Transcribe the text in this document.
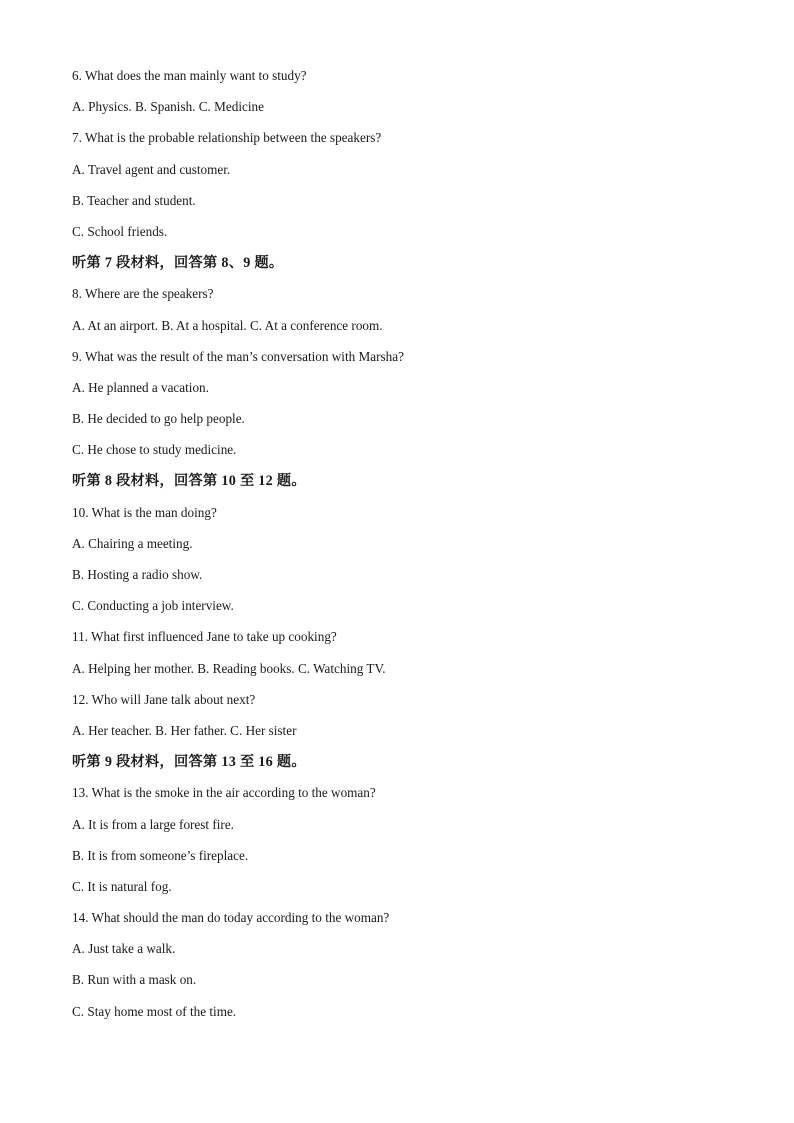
6. What does the man mainly want to study?
A. Physics. B. Spanish. C. Medicine
7. What is the probable relationship between the speakers?
A. Travel agent and customer.
B. Teacher and student.
C. School friends.
听第 7 段材料，回答第 8、9 题。
8. Where are the speakers?
A. At an airport. B. At a hospital. C. At a conference room.
9. What was the result of the man’s conversation with Marsha?
A. He planned a vacation.
B. He decided to go help people.
C. He chose to study medicine.
听第 8 段材料，回答第 10 至 12 题。
10. What is the man doing?
A. Chairing a meeting.
B. Hosting a radio show.
C. Conducting a job interview.
11. What first influenced Jane to take up cooking?
A. Helping her mother. B. Reading books. C. Watching TV.
12. Who will Jane talk about next?
A. Her teacher. B. Her father. C. Her sister
听第 9 段材料，回答第 13 至 16 题。
13. What is the smoke in the air according to the woman?
A. It is from a large forest fire.
B. It is from someone’s fireplace.
C. It is natural fog.
14. What should the man do today according to the woman?
A. Just take a walk.
B. Run with a mask on.
C. Stay home most of the time.
